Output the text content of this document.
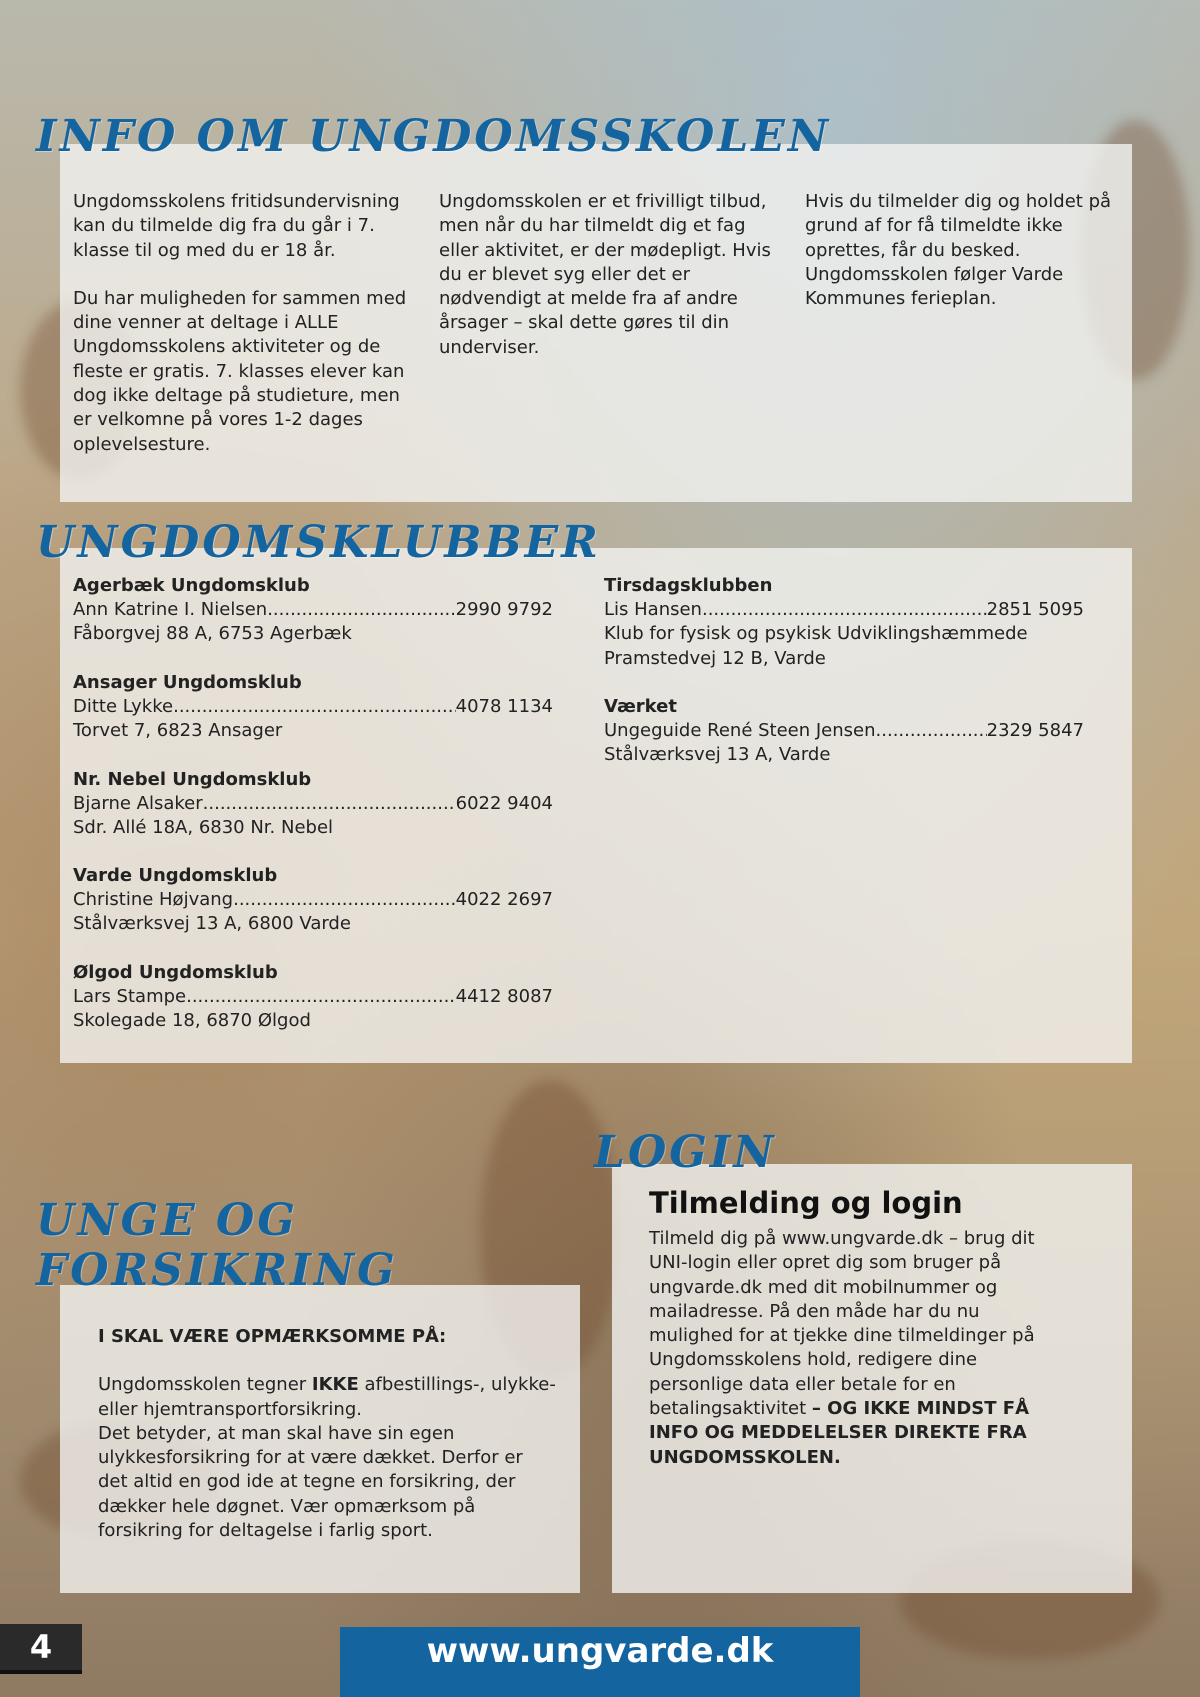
INFO OM UNGDOMSSKOLEN

Ungdomsskolens fritidsundervisning kan du tilmelde dig fra du går i 7. klasse til og med du er 18 år.

Du har muligheden for sammen med dine venner at deltage i ALLE Ungdomsskolens aktiviteter og de fleste er gratis. 7. klasses elever kan dog ikke deltage på studieture, men er velkomne på vores 1-2 dages oplevelsesture.

Ungdomsskolen er et frivilligt tilbud, men når du har tilmeldt dig et fag eller aktivitet, er der mødepligt. Hvis du er blevet syg eller det er nødvendigt at melde fra af andre årsager – skal dette gøres til din underviser.

Hvis du tilmelder dig og holdet på grund af for få tilmeldte ikke oprettes, får du besked. Ungdomsskolen følger Varde Kommunes ferieplan.

UNGDOMSKLUBBER
Agerbæk Ungdomsklub
Ann Katrine I. Nielsen .....	2990 9792
Fåborgvej 88 A, 6753 Agerbæk
Ansager Ungdomsklub
Ditte Lykke .....	4078 1134
Torvet 7, 6823 Ansager
Nr. Nebel Ungdomsklub
Bjarne Alsaker .....	6022 9404
Sdr. Allé 18A, 6830 Nr. Nebel
Varde Ungdomsklub
Christine Højvang .....	4022 2697
Stålværksvej 13 A, 6800 Varde
Ølgod Ungdomsklub
Lars Stampe .....	4412 8087
Skolegade 18, 6870 Ølgod
Tirsdagsklubben
Lis Hansen .....	2851 5095
Klub for fysisk og psykisk Udviklingshæmmede
Pramstedvej 12 B, Varde
Værket
Ungeguide René Steen Jensen .....	2329 5847
Stålværksvej 13 A, Varde
UNGE OG
FORSIKRING

I SKAL VÆRE OPMÆRKSOMME PÅ:

Ungdomsskolen tegner IKKE afbestillings-, ulykke- eller hjemtransportforsikring.
Det betyder, at man skal have sin egen ulykkesforsikring for at være dækket. Derfor er det altid en god ide at tegne en forsikring, der dækker hele døgnet. Vær opmærksom på forsikring for deltagelse i farlig sport.
LOGIN
Tilmelding og login
Tilmeld dig på www.ungvarde.dk – brug dit UNI-login eller opret dig som bruger på ungvarde.dk med dit mobilnummer og mailadresse. På den måde har du nu mulighed for at tjekke dine tilmeldinger på Ungdomsskolens hold, redigere dine personlige data eller betale for en betalingsaktivitet – OG IKKE MINDST FÅ INFO OG MEDDELELSER DIREKTE FRA UNGDOMSSKOLEN.
4	www.ungvarde.dk
